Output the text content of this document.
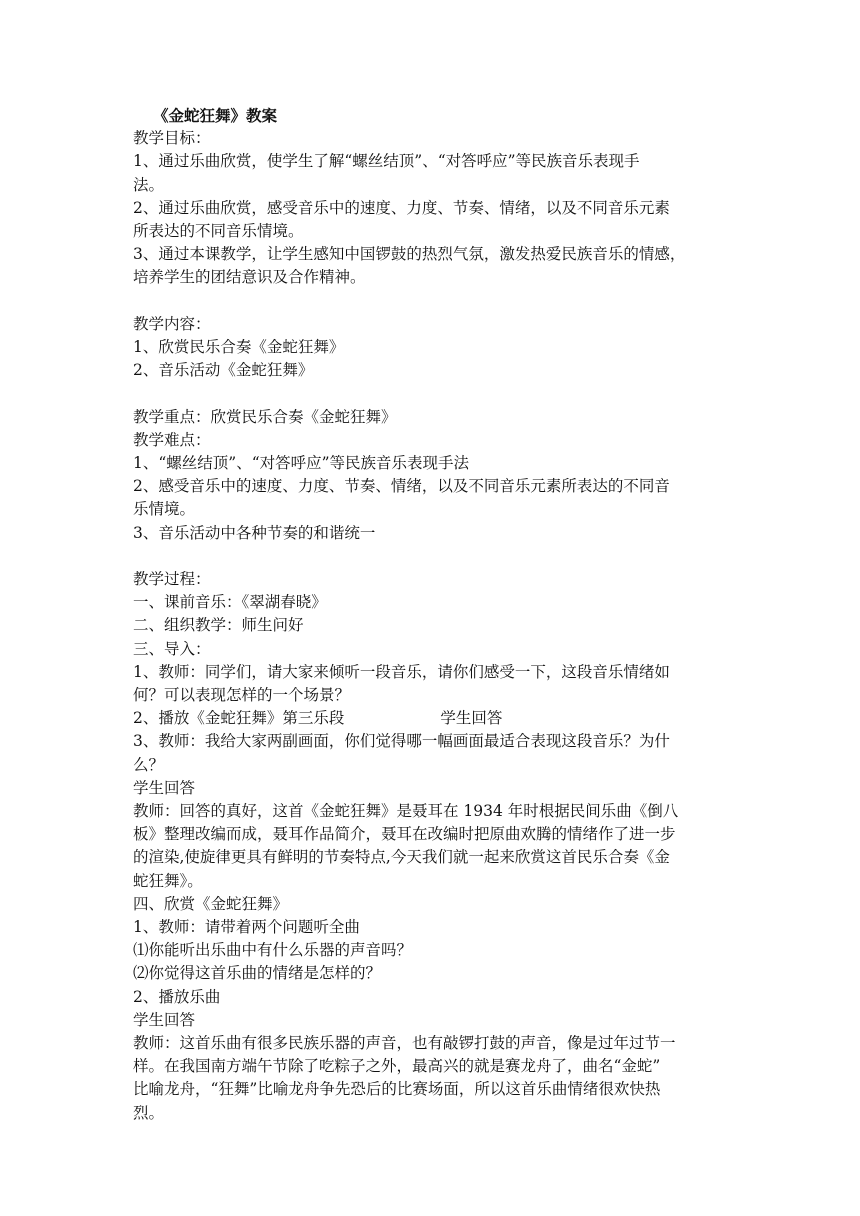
《金蛇狂舞》教案
教学目标：
1、通过乐曲欣赏，使学生了解“螺丝结顶”、“对答呼应”等民族音乐表现手
法。
2、通过乐曲欣赏，感受音乐中的速度、力度、节奏、情绪，以及不同音乐元素
所表达的不同音乐情境。
3、通过本课教学，让学生感知中国锣鼓的热烈气氛，激发热爱民族音乐的情感，
培养学生的团结意识及合作精神。
教学内容：
1、欣赏民乐合奏《金蛇狂舞》
2、音乐活动《金蛇狂舞》
教学重点：欣赏民乐合奏《金蛇狂舞》
教学难点：
1、“螺丝结顶”、“对答呼应”等民族音乐表现手法
2、感受音乐中的速度、力度、节奏、情绪，以及不同音乐元素所表达的不同音
乐情境。
3、音乐活动中各种节奏的和谐统一
教学过程：
一、课前音乐：《翠湖春晓》
二、组织教学：师生问好
三、导入：
1、教师：同学们，请大家来倾听一段音乐，请你们感受一下，这段音乐情绪如
何？可以表现怎样的一个场景？
2、播放《金蛇狂舞》第三乐段	学生回答
3、教师：我给大家两副画面，你们觉得哪一幅画面最适合表现这段音乐？为什
么？
学生回答
教师：回答的真好，这首《金蛇狂舞》是聂耳在 1934 年时根据民间乐曲《倒八
板》整理改编而成，聂耳作品简介，聂耳在改编时把原曲欢腾的情绪作了进一步
的渲染,使旋律更具有鲜明的节奏特点,今天我们就一起来欣赏这首民乐合奏《金
蛇狂舞》。
四、欣赏《金蛇狂舞》
1、教师：请带着两个问题听全曲
⑴你能听出乐曲中有什么乐器的声音吗？
⑵你觉得这首乐曲的情绪是怎样的？
2、播放乐曲
学生回答
教师：这首乐曲有很多民族乐器的声音，也有敲锣打鼓的声音，像是过年过节一
样。在我国南方端午节除了吃粽子之外，最高兴的就是赛龙舟了，曲名“金蛇”
比喻龙舟，“狂舞”比喻龙舟争先恐后的比赛场面，所以这首乐曲情绪很欢快热
烈。
